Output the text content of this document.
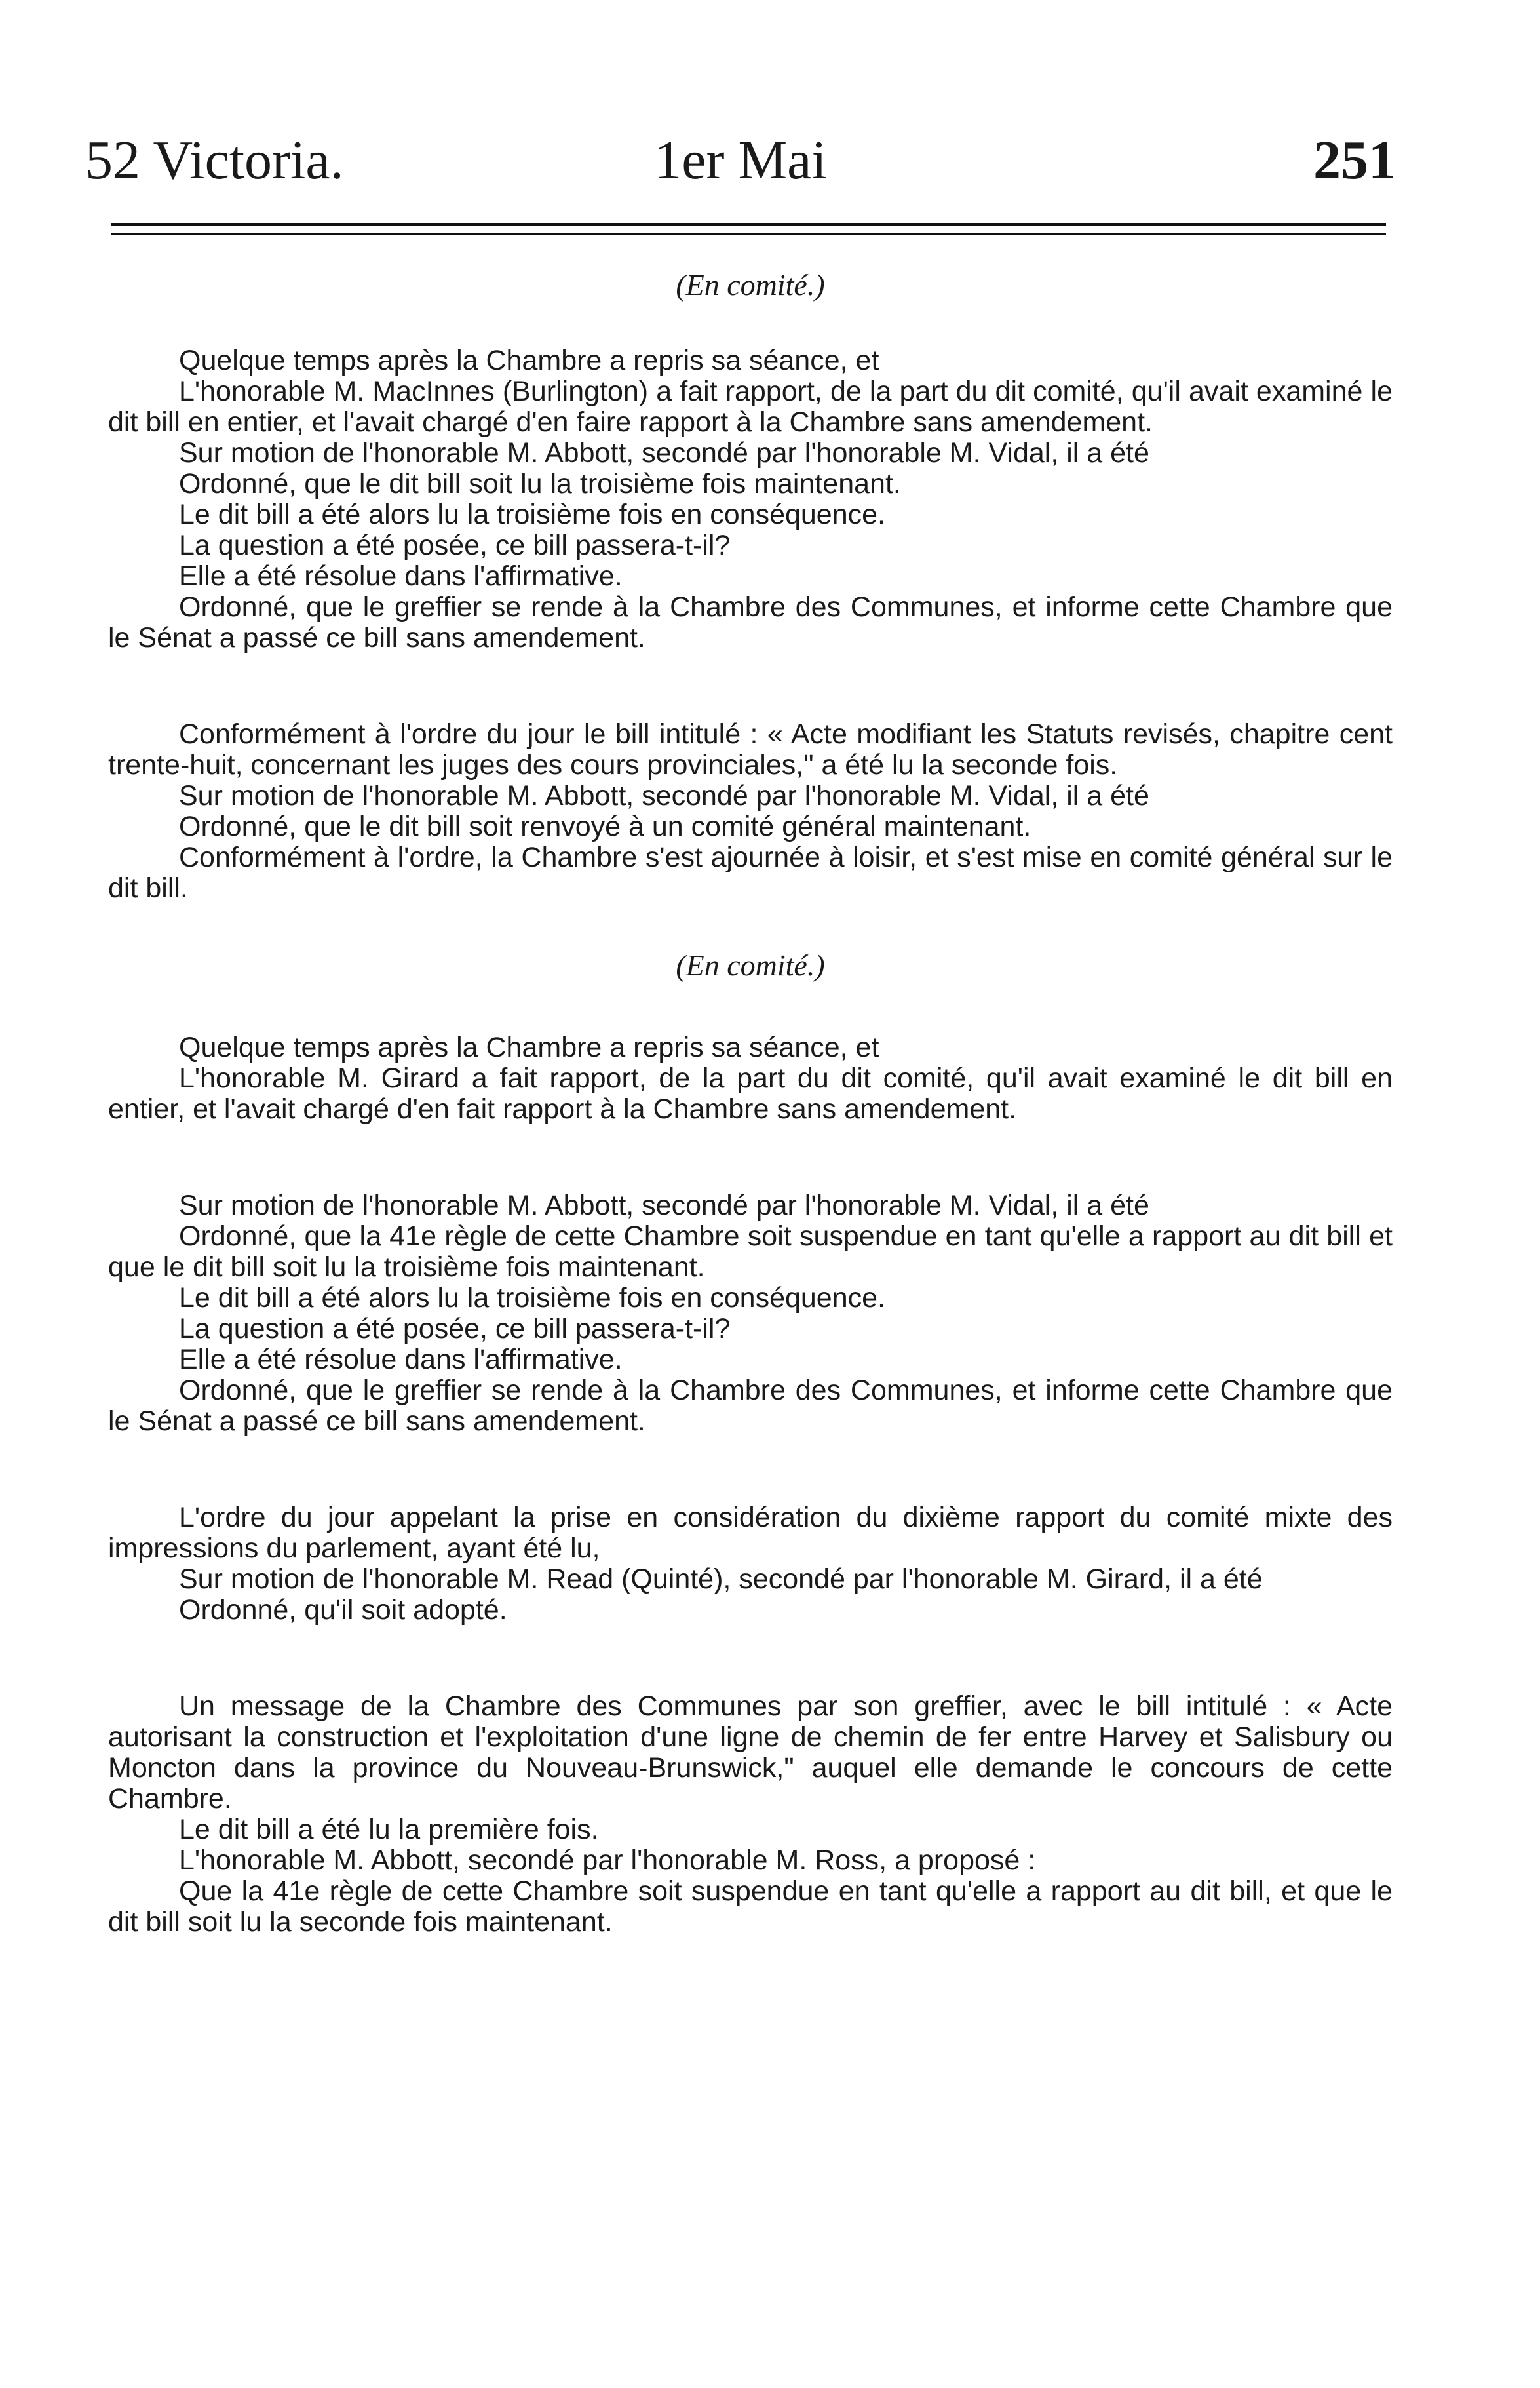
52 Victoria.	1er Mai	251
(En comité.)

Quelque temps après la Chambre a repris sa séance, et

L'honorable M. MacInnes (Burlington) a fait rapport, de la part du dit comité, qu'il avait examiné le dit bill en entier, et l'avait chargé d'en faire rapport à la Chambre sans amendement.

Sur motion de l'honorable M. Abbott, secondé par l'honorable M. Vidal, il a été

Ordonné, que le dit bill soit lu la troisième fois maintenant.

Le dit bill a été alors lu la troisième fois en conséquence.

La question a été posée, ce bill passera-t-il?

Elle a été résolue dans l'affirmative.

Ordonné, que le greffier se rende à la Chambre des Communes, et informe cette Chambre que le Sénat a passé ce bill sans amendement.

Conformément à l'ordre du jour le bill intitulé : « Acte modifiant les Statuts revisés, chapitre cent trente-huit, concernant les juges des cours provinciales," a été lu la seconde fois.

Sur motion de l'honorable M. Abbott, secondé par l'honorable M. Vidal, il a été

Ordonné, que le dit bill soit renvoyé à un comité général maintenant.

Conformément à l'ordre, la Chambre s'est ajournée à loisir, et s'est mise en comité général sur le dit bill.

(En comité.)

Quelque temps après la Chambre a repris sa séance, et

L'honorable M. Girard a fait rapport, de la part du dit comité, qu'il avait examiné le dit bill en entier, et l'avait chargé d'en fait rapport à la Chambre sans amendement.

Sur motion de l'honorable M. Abbott, secondé par l'honorable M. Vidal, il a été

Ordonné, que la 41e règle de cette Chambre soit suspendue en tant qu'elle a rapport au dit bill et que le dit bill soit lu la troisième fois maintenant.

Le dit bill a été alors lu la troisième fois en conséquence.

La question a été posée, ce bill passera-t-il?

Elle a été résolue dans l'affirmative.

Ordonné, que le greffier se rende à la Chambre des Communes, et informe cette Chambre que le Sénat a passé ce bill sans amendement.

L'ordre du jour appelant la prise en considération du dixième rapport du comité mixte des impressions du parlement, ayant été lu,

Sur motion de l'honorable M. Read (Quinté), secondé par l'honorable M. Girard, il a été

Ordonné, qu'il soit adopté.

Un message de la Chambre des Communes par son greffier, avec le bill intitulé : « Acte autorisant la construction et l'exploitation d'une ligne de chemin de fer entre Harvey et Salisbury ou Moncton dans la province du Nouveau-Brunswick," auquel elle demande le concours de cette Chambre.

Le dit bill a été lu la première fois.

L'honorable M. Abbott, secondé par l'honorable M. Ross, a proposé :

Que la 41e règle de cette Chambre soit suspendue en tant qu'elle a rapport au dit bill, et que le dit bill soit lu la seconde fois maintenant.
